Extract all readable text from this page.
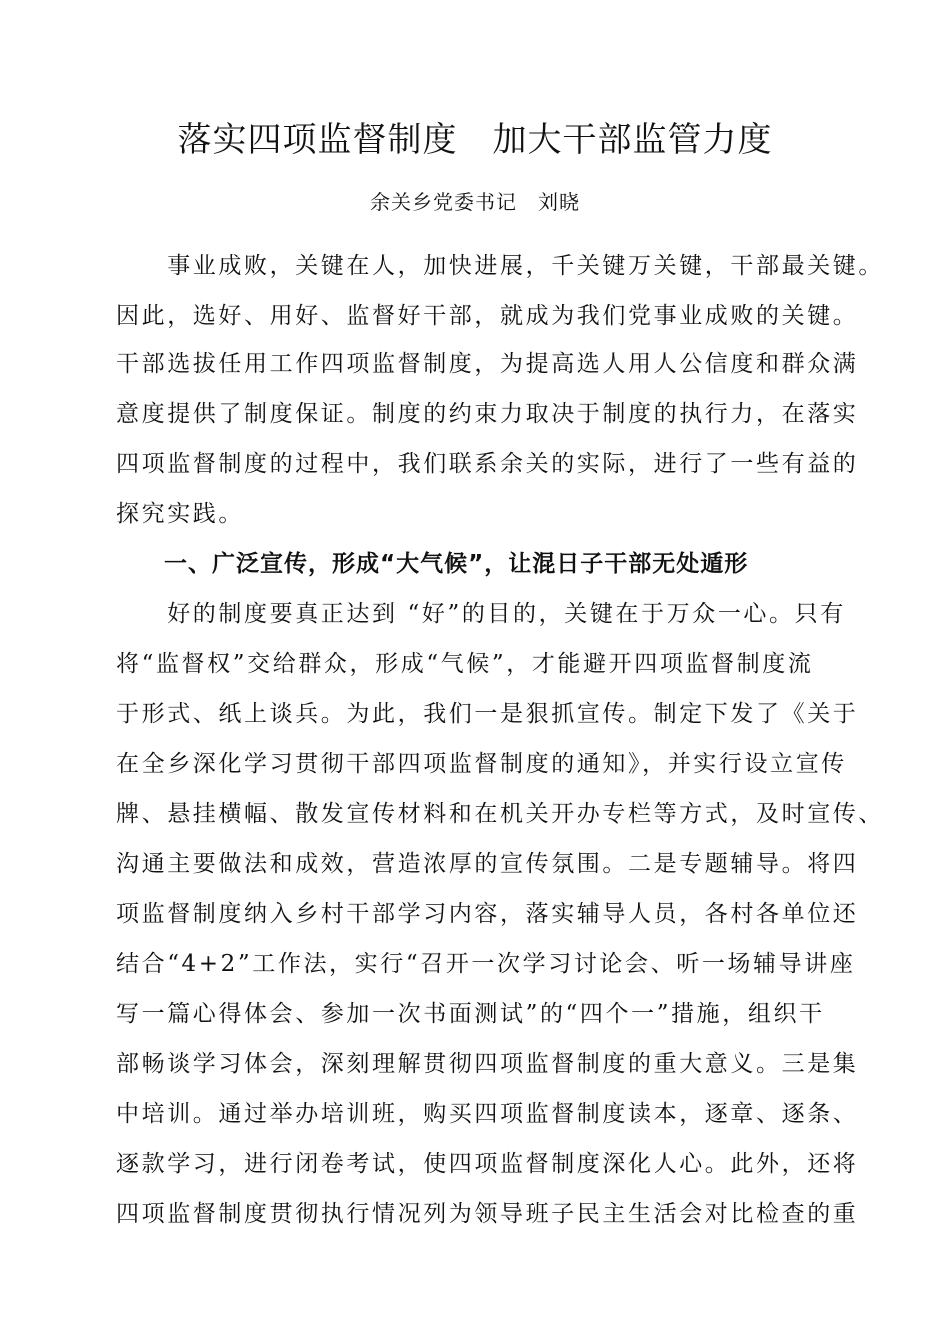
落实四项监督制度　加大干部监管力度

余关乡党委书记　刘晓

　　事业成败，关键在人，加快进展，千关键万关键，干部最关键。
因此，选好、用好、监督好干部，就成为我们党事业成败的关键。
干部选拔任用工作四项监督制度，为提高选人用人公信度和群众满
意度提供了制度保证。制度的约束力取决于制度的执行力，在落实
四项监督制度的过程中，我们联系余关的实际，进行了一些有益的
探究实践。
　　一、广泛宣传，形成“大气候”，让混日子干部无处遁形
　　好的制度要真正达到 “好”的目的，关键在于万众一心。只有
将“监督权”交给群众，形成“气候”，才能避开四项监督制度流
于形式、纸上谈兵。为此，我们一是狠抓宣传。制定下发了《关于
在全乡深化学习贯彻干部四项监督制度的通知》，并实行设立宣传
牌、悬挂横幅、散发宣传材料和在机关开办专栏等方式，及时宣传、
沟通主要做法和成效，营造浓厚的宣传氛围。二是专题辅导。将四
项监督制度纳入乡村干部学习内容，落实辅导人员，各村各单位还
结合“4+2”工作法，实行“召开一次学习讨论会、听一场辅导讲座
写一篇心得体会、参加一次书面测试”的“四个一”措施，组织干
部畅谈学习体会，深刻理解贯彻四项监督制度的重大意义。三是集
中培训。通过举办培训班，购买四项监督制度读本，逐章、逐条、
逐款学习，进行闭卷考试，使四项监督制度深化人心。此外，还将
四项监督制度贯彻执行情况列为领导班子民主生活会对比检查的重
